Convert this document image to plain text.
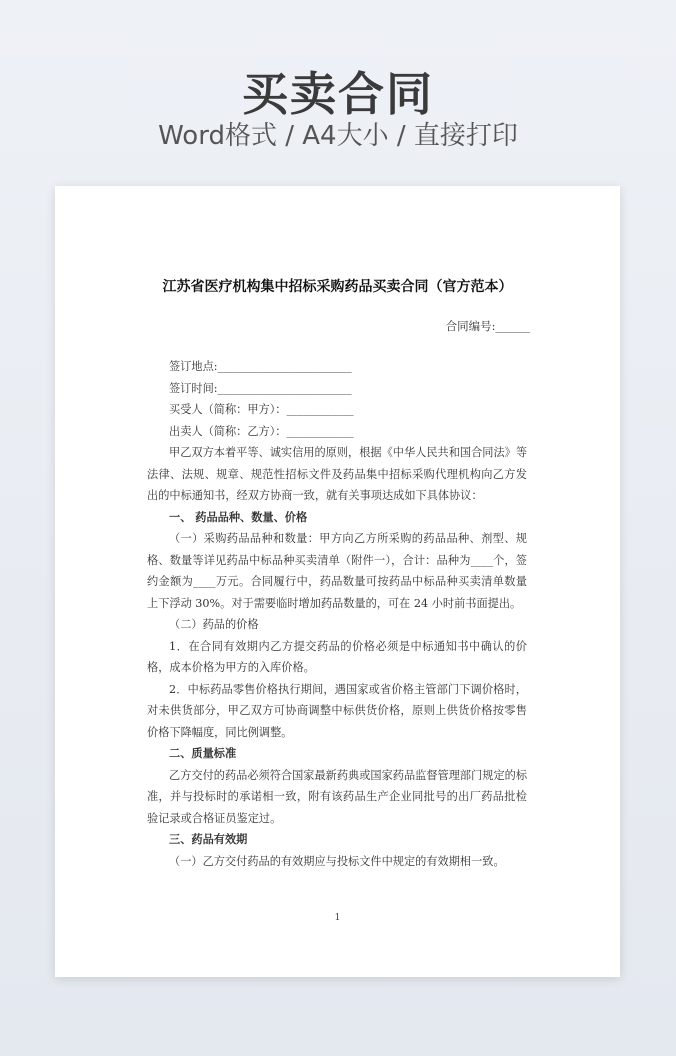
买卖合同
Word格式 / A4大小 / 直接打印
江苏省医疗机构集中招标采购药品买卖合同（官方范本）
合同编号:______
签订地点:________________________
签订时间:________________________
买受人（简称：甲方）：____________
出卖人（简称：乙方）：____________

甲乙双方本着平等、诚实信用的原则，根据《中华人民共和国合同法》等法律、法规、规章、规范性招标文件及药品集中招标采购代理机构向乙方发出的中标通知书，经双方协商一致，就有关事项达成如下具体协议：

一、 药品品种、数量、价格

（一）采购药品品种和数量：甲方向乙方所采购的药品品种、剂型、规格、数量等详见药品中标品种买卖清单（附件一），合计：品种为____个，签约金额为____万元。合同履行中，药品数量可按药品中标品种买卖清单数量上下浮动 30%。对于需要临时增加药品数量的，可在 24 小时前书面提出。

（二）药品的价格

1．在合同有效期内乙方提交药品的价格必须是中标通知书中确认的价格，成本价格为甲方的入库价格。

2．中标药品零售价格执行期间，遇国家或省价格主管部门下调价格时，对未供货部分，甲乙双方可协商调整中标供货价格，原则上供货价格按零售价格下降幅度，同比例调整。

二、质量标准

乙方交付的药品必须符合国家最新药典或国家药品监督管理部门规定的标准，并与投标时的承诺相一致，附有该药品生产企业同批号的出厂药品批检验记录或合格证员鉴定过。

三、药品有效期

（一）乙方交付药品的有效期应与投标文件中规定的有效期相一致。

1
